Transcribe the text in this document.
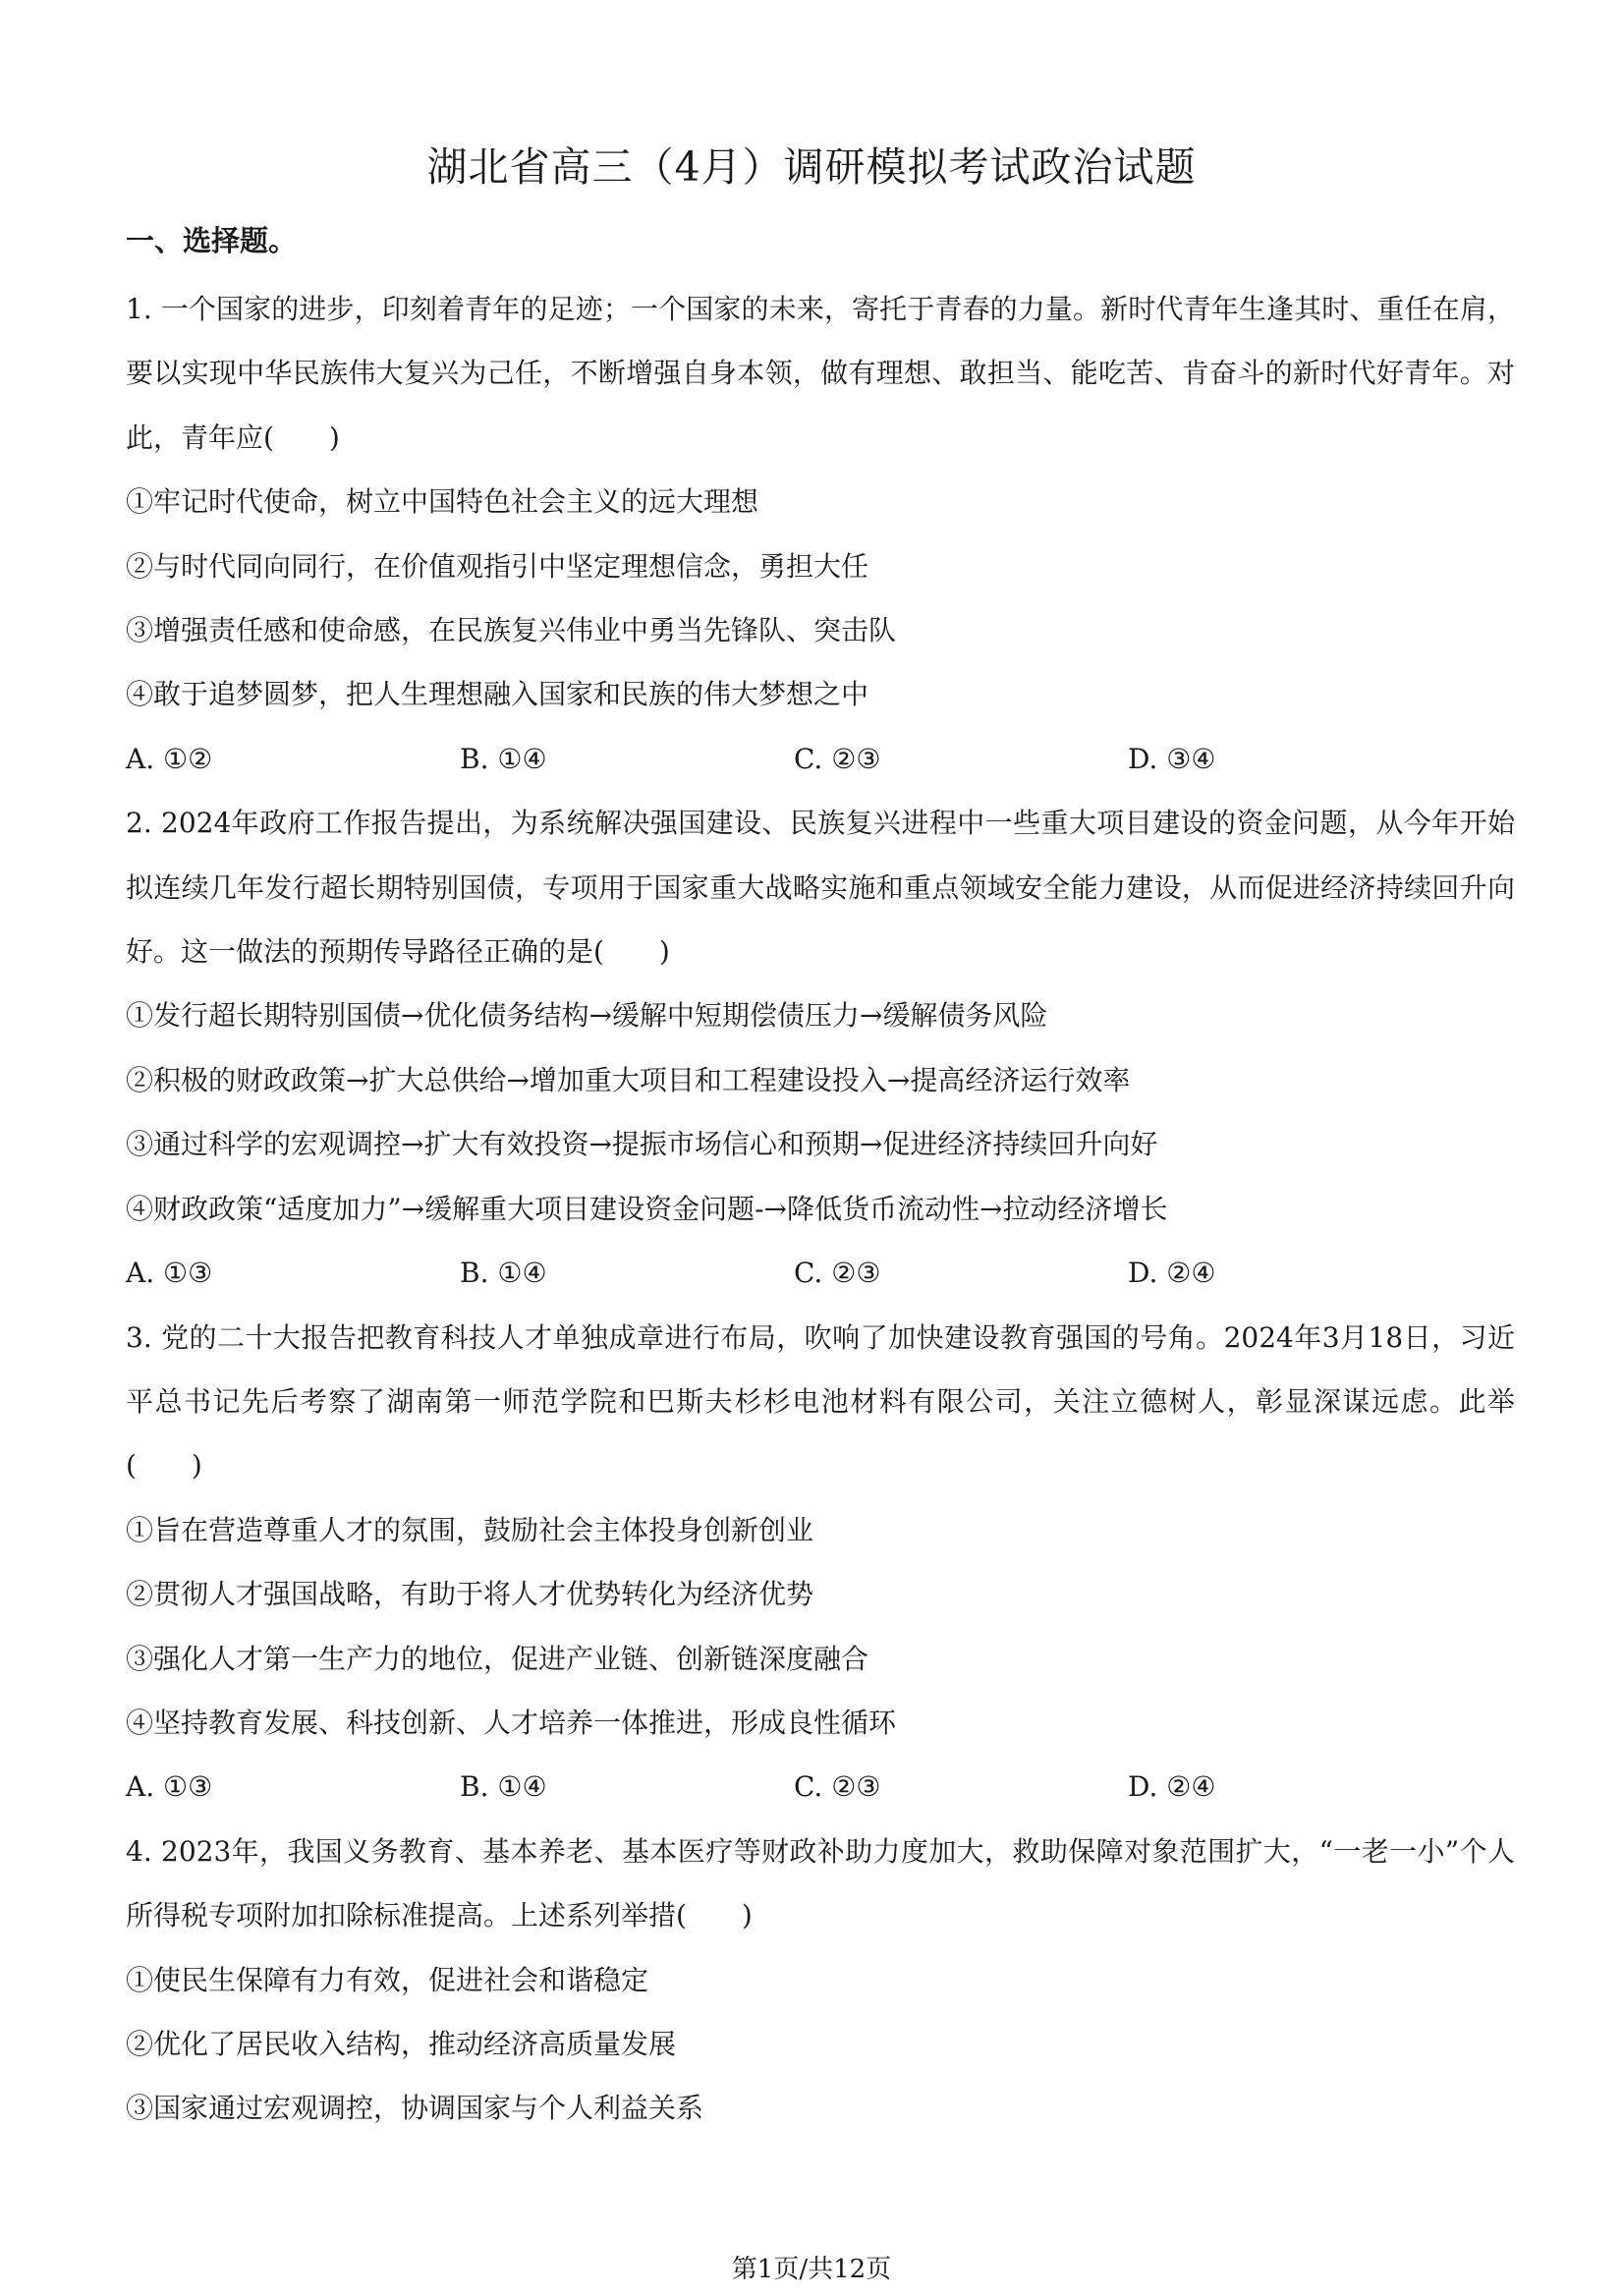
湖北省高三（4月）调研模拟考试政治试题
一、选择题。

1. 一个国家的进步，印刻着青年的足迹；一个国家的未来，寄托于青春的力量。新时代青年生逢其时、重任在肩，要以实现中华民族伟大复兴为己任，不断增强自身本领，做有理想、敢担当、能吃苦、肯奋斗的新时代好青年。对此，青年应(　　)

①牢记时代使命，树立中国特色社会主义的远大理想

②与时代同向同行，在价值观指引中坚定理想信念，勇担大任

③增强责任感和使命感，在民族复兴伟业中勇当先锋队、突击队

④敢于追梦圆梦，把人生理想融入国家和民族的伟大梦想之中

A. ①②	B. ①④	C. ②③	D. ③④

2. 2024年政府工作报告提出，为系统解决强国建设、民族复兴进程中一些重大项目建设的资金问题，从今年开始拟连续几年发行超长期特别国债，专项用于国家重大战略实施和重点领域安全能力建设，从而促进经济持续回升向好。这一做法的预期传导路径正确的是(　　)

①发行超长期特别国债→优化债务结构→缓解中短期偿债压力→缓解债务风险

②积极的财政政策→扩大总供给→增加重大项目和工程建设投入→提高经济运行效率

③通过科学的宏观调控→扩大有效投资→提振市场信心和预期→促进经济持续回升向好

④财政政策“适度加力”→缓解重大项目建设资金问题-→降低货币流动性→拉动经济增长

A. ①③	B. ①④	C. ②③	D. ②④

3. 党的二十大报告把教育科技人才单独成章进行布局，吹响了加快建设教育强国的号角。2024年3月18日，习近平总书记先后考察了湖南第一师范学院和巴斯夫杉杉电池材料有限公司，关注立德树人，彰显深谋远虑。此举(　　)

①旨在营造尊重人才的氛围，鼓励社会主体投身创新创业

②贯彻人才强国战略，有助于将人才优势转化为经济优势

③强化人才第一生产力的地位，促进产业链、创新链深度融合

④坚持教育发展、科技创新、人才培养一体推进，形成良性循环

A. ①③	B. ①④	C. ②③	D. ②④

4. 2023年，我国义务教育、基本养老、基本医疗等财政补助力度加大，救助保障对象范围扩大，“一老一小”个人所得税专项附加扣除标准提高。上述系列举措(　　)

①使民生保障有力有效，促进社会和谐稳定

②优化了居民收入结构，推动经济高质量发展

③国家通过宏观调控，协调国家与个人利益关系

第1页/共12页
